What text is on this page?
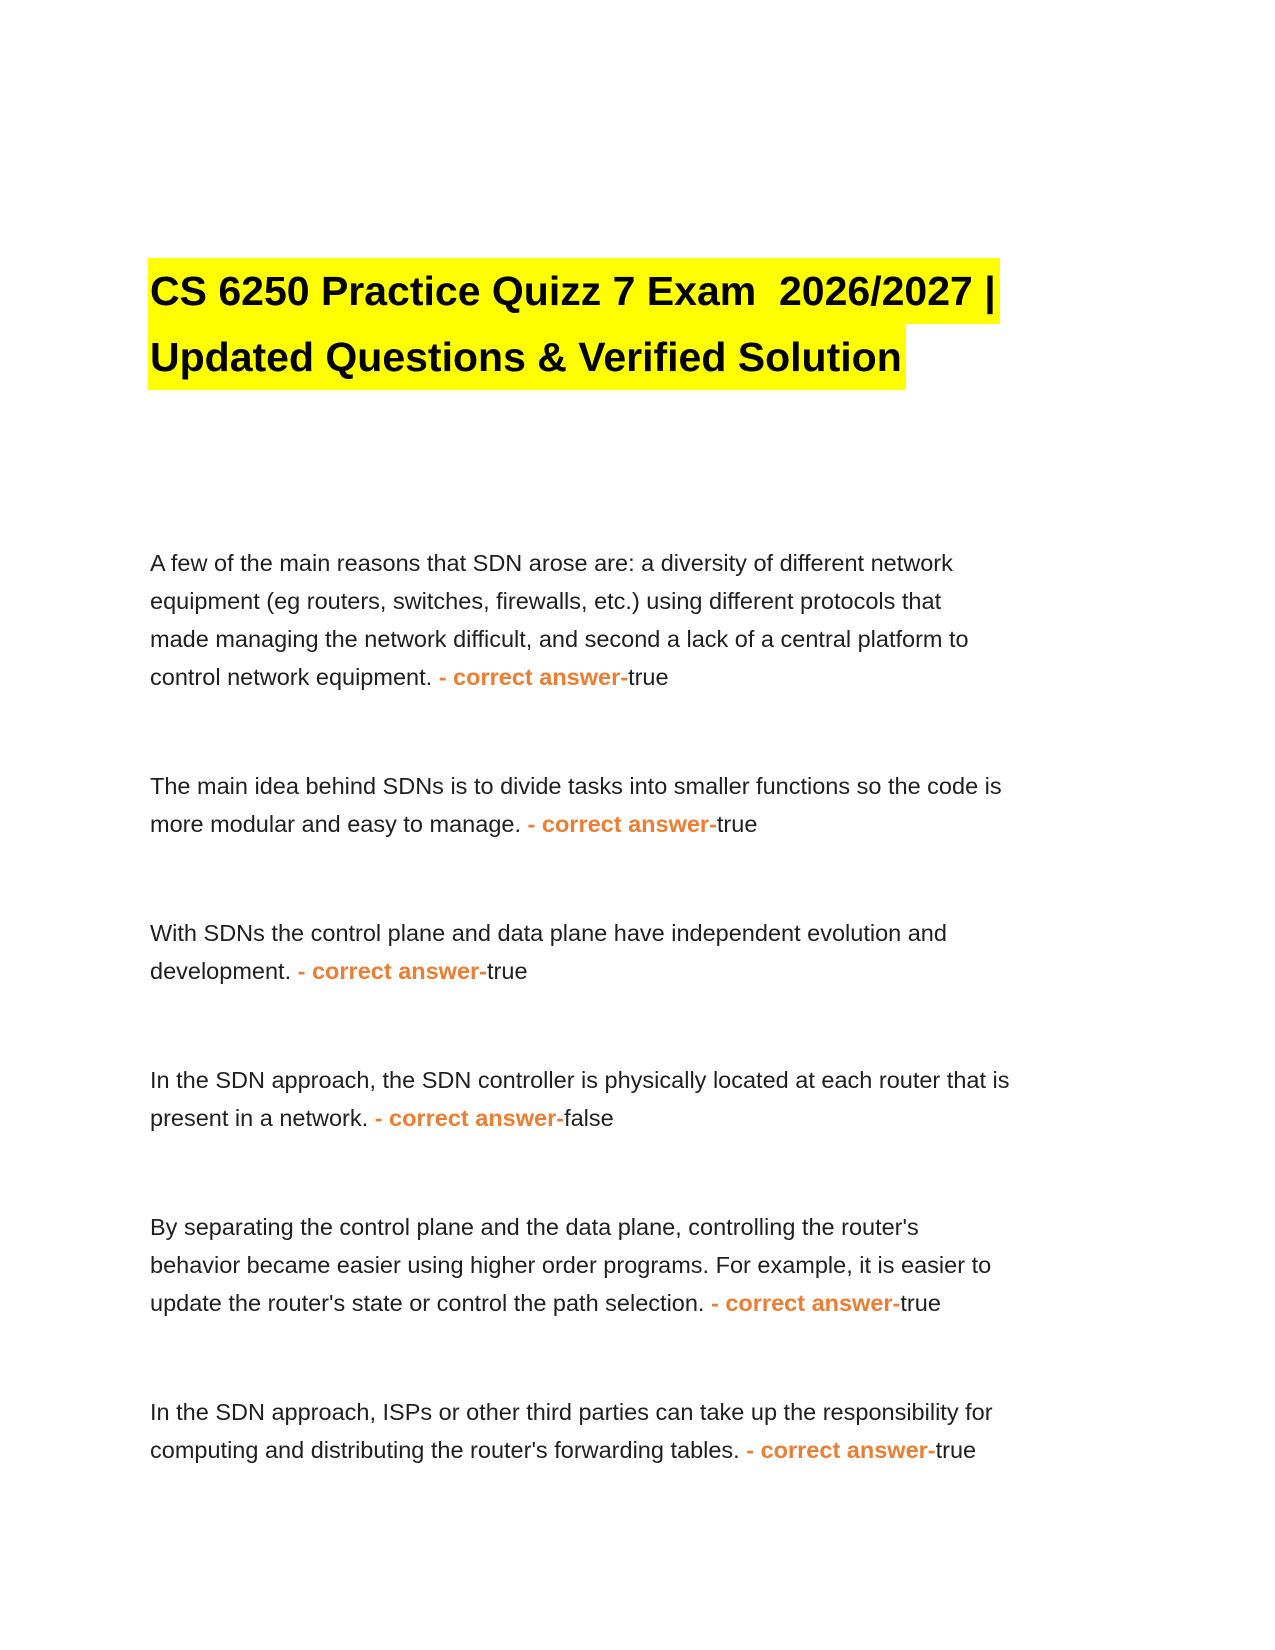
CS 6250 Practice Quizz 7 Exam  2026/2027 |
Updated Questions & Verified Solution

A few of the main reasons that SDN arose are: a diversity of different network
equipment (eg routers, switches, firewalls, etc.) using different protocols that
made managing the network difficult, and second a lack of a central platform to
control network equipment. - correct answer-true

The main idea behind SDNs is to divide tasks into smaller functions so the code is
more modular and easy to manage. - correct answer-true

With SDNs the control plane and data plane have independent evolution and
development. - correct answer-true

In the SDN approach, the SDN controller is physically located at each router that is
present in a network. - correct answer-false

By separating the control plane and the data plane, controlling the router's
behavior became easier using higher order programs. For example, it is easier to
update the router's state or control the path selection. - correct answer-true

In the SDN approach, ISPs or other third parties can take up the responsibility for
computing and distributing the router's forwarding tables. - correct answer-true
